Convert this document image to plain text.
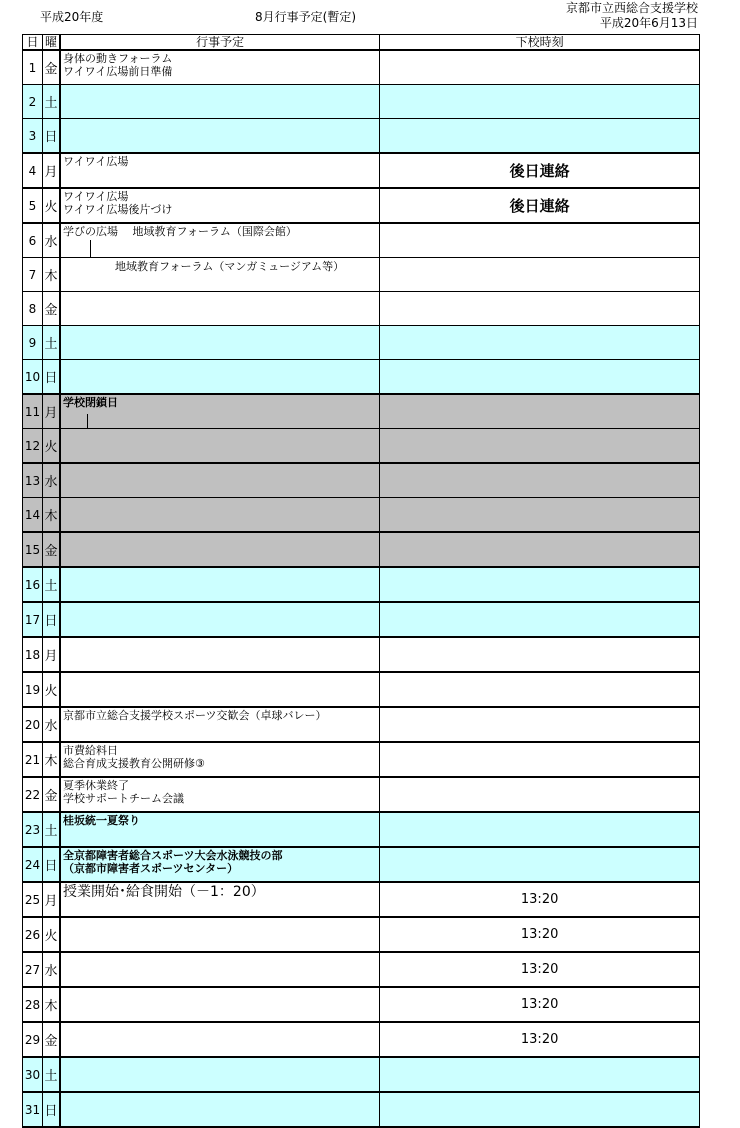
平成20年度	8月行事予定(暫定)
京都市立西総合支援学校
平成20年6月13日
日	曜	行事予定	下校時刻
1	金	身体の動きフォーラム
ワイワイ広場前日準備	

2	土		
3	日		
4	月	ワイワイ広場	後日連絡
5	火	ワイワイ広場
ワイワイ広場後片づけ	後日連絡
6	水	学びの広場　 地域教育フォーラム（国際会館）	

7	木	地域教育フォーラム（マンガミュージアム等）	

8	金		
9	土		
10	日		
11	月	学校閉鎖日	

12	火		
13	水		
14	木		
15	金		
16	土		
17	日		
18	月		
19	火		
20	水	京都市立総合支援学校スポーツ交歓会（卓球バレー）	

21	木	市費給料日
総合育成支援教育公開研修③	

22	金	夏季休業終了
学校サポートチーム会議	

23	土	桂坂統一夏祭り	

24	日	全京都障害者総合スポーツ大会水泳競技の部
（京都市障害者スポーツセンター）	

25	月	授業開始･給食開始（－1：20）	13:20
26	火		13:20
27	水		13:20
28	木		13:20
29	金		13:20
30	土		
31	日		
